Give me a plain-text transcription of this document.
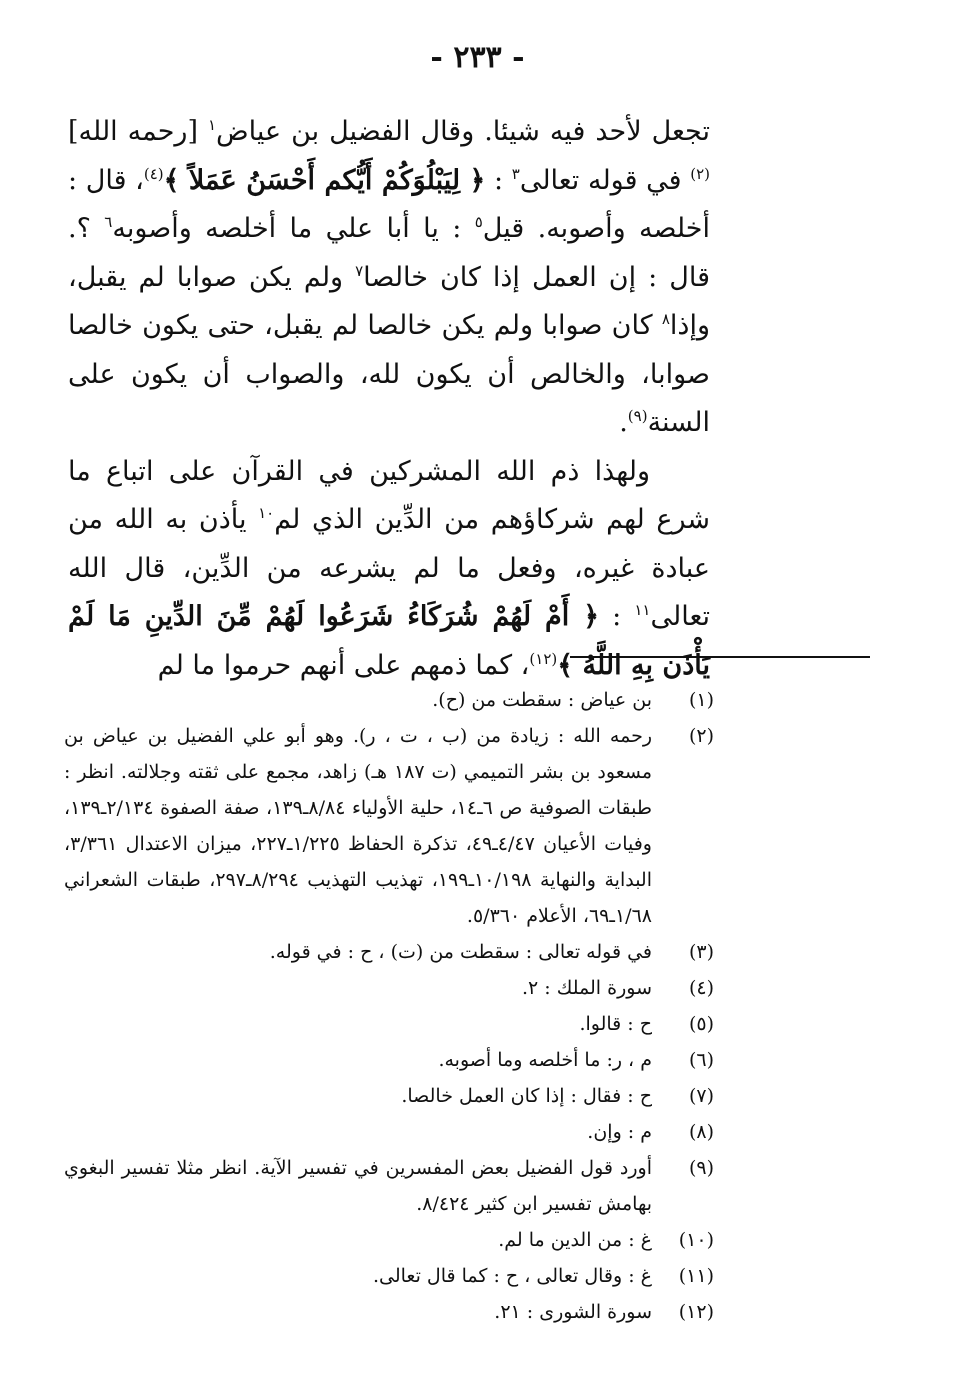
- ٢٣٣ -

تجعل لأحد فيه شيئا. وقال الفضيل بن عياض$^١$ [رحمه الله]$^{(٢)}$ في قوله تعالى$^٣$ : ﴿ لِيَبْلُوَكُمْ أَيُّكم أَحْسَنُ عَمَلاً ﴾$^{(٤)}$، قال : أخلصه وأصوبه. قيل$^٥$ : يا أبا علي ما أخلصه وأصوبه$^٦$ ؟. قال : إن العمل إذا كان خالصا$^٧$ ولم يكن صوابا لم يقبل، وإذا$^٨$ كان صوابا ولم يكن خالصا لم يقبل، حتى يكون خالصا صوابا، والخالص أن يكون لله، والصواب أن يكون على السنة$^{(٩)}$.

ولهذا ذم الله المشركين في القرآن على اتباع ما شرع لهم شركاؤهم من الدِّين الذي لم$^{١٠}$ يأذن به الله من عبادة غيره، وفعل ما لم يشرعه من الدِّين، قال الله تعالى$^{١١}$ : ﴿ أَمْ لَهُمْ شُرَكَاءُ شَرَعُوا لَهُمْ مِّنَ الدِّينِ مَا لَمْ يَأْذَن بِهِ اللَّهُ ﴾$^{(١٢)}$، كما ذمهم على أنهم حرموا ما لم

(١)
بن عياض : سقطت من (ح).
(٢)
رحمه الله : زيادة من (ب ، ت ، ر). وهو أبو علي الفضيل بن عياض بن مسعود بن بشر التميمي (ت ١٨٧ هـ) زاهد، مجمع على ثقته وجلالته. انظر : طبقات الصوفية ص ٦ـ١٤، حلية الأولياء ٨/٨٤ـ١٣٩، صفة الصفوة ٢/١٣٤ـ١٣٩، وفيات الأعيان ٤/٤٧ـ٤٩، تذكرة الحفاظ ١/٢٢٥ـ٢٢٧، ميزان الاعتدال ٣/٣٦١، البداية والنهاية ١٠/١٩٨ـ١٩٩، تهذيب التهذيب ٨/٢٩٤ـ٢٩٧، طبقات الشعراني ١/٦٨ـ٦٩، الأعلام ٥/٣٦٠.
(٣)
في قوله تعالى : سقطت من (ت) ، ح : في قوله.
(٤)
سورة الملك : ٢.
(٥)
ح : قالوا.
(٦)
م ، ر: ما أخلصه وما أصوبه.
(٧)
ح : فقال : إذا كان العمل خالصا.
(٨)
م : وإن.
(٩)
أورد قول الفضيل بعض المفسرين في تفسير الآية. انظر مثلا تفسير البغوي بهامش تفسير ابن كثير ٨/٤٢٤.
(١٠)
غ : من الدين ما لم.
(١١)
غ : وقال تعالى ، ح : كما قال تعالى.
(١٢)
سورة الشورى : ٢١.
